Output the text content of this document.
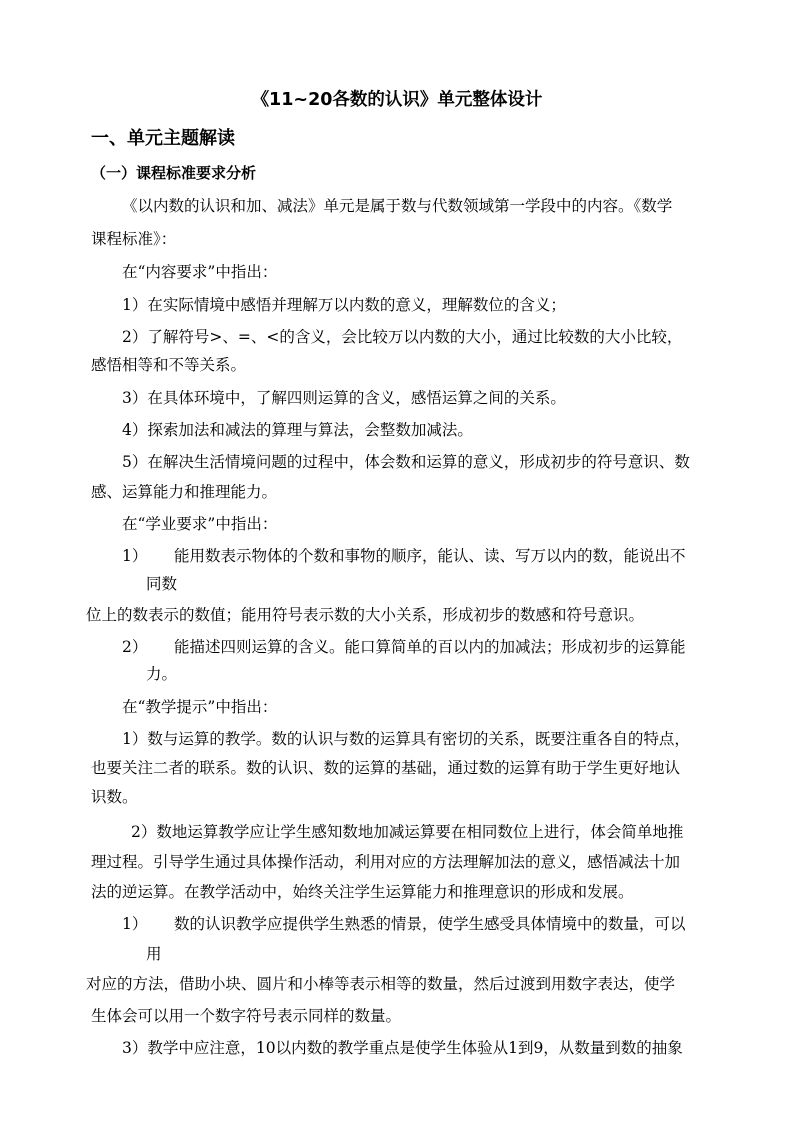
《11~20各数的认识》单元整体设计
一、单元主题解读
（一）课程标准要求分析
《以内数的认识和加、减法》单元是属于数与代数领域第一学段中的内容。《数学
课程标准》：
在“内容要求”中指出：
1）在实际情境中感悟并理解万以内数的意义，理解数位的含义；
2）了解符号>、=、<的含义，会比较万以内数的大小，通过比较数的大小比较，
感悟相等和不等关系。
3）在具体环境中，了解四则运算的含义，感悟运算之间的关系。
4）探索加法和减法的算理与算法，会整数加减法。
5）在解决生活情境问题的过程中，体会数和运算的意义，形成初步的符号意识、数
感、运算能力和推理能力。
在“学业要求”中指出：
1） 能用数表示物体的个数和事物的顺序，能认、读、写万以内的数，能说出不
同数
位上的数表示的数值；能用符号表示数的大小关系，形成初步的数感和符号意识。
2） 能描述四则运算的含义。能口算简单的百以内的加减法；形成初步的运算能
力。
在“教学提示”中指出：
1）数与运算的教学。数的认识与数的运算具有密切的关系，既要注重各自的特点，
也要关注二者的联系。数的认识、数的运算的基础，通过数的运算有助于学生更好地认
识数。
2）数地运算教学应让学生感知数地加减运算要在相同数位上进行，体会简单地推
理过程。引导学生通过具体操作活动，利用对应的方法理解加法的意义，感悟减法十加
法的逆运算。在教学活动中，始终关注学生运算能力和推理意识的形成和发展。
1） 数的认识教学应提供学生熟悉的情景，使学生感受具体情境中的数量，可以
用
对应的方法，借助小块、圆片和小棒等表示相等的数量，然后过渡到用数字表达，使学
生体会可以用一个数字符号表示同样的数量。
3）教学中应注意，10以内数的教学重点是使学生体验从1到9，从数量到数的抽象
